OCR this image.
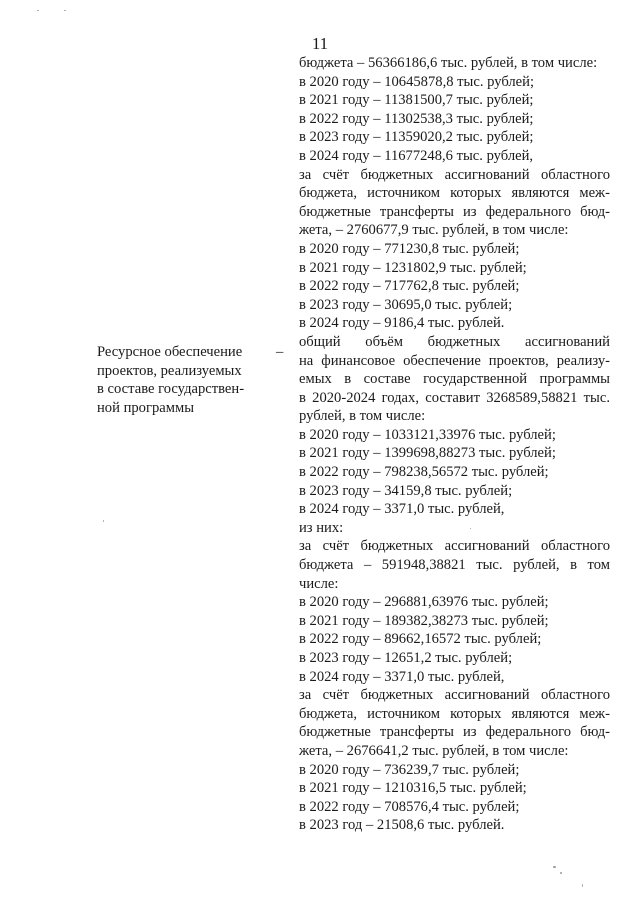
11
бюджета – 56366186,6 тыс. рублей, в том числе:
в 2020 году – 10645878,8 тыс. рублей;
в 2021 году – 11381500,7 тыс. рублей;
в 2022 году – 11302538,3 тыс. рублей;
в 2023 году – 11359020,2 тыс. рублей;
в 2024 году – 11677248,6 тыс. рублей,
за счёт бюджетных ассигнований областного
бюджета, источником которых являются меж-
бюджетные трансферты из федерального бюд-
жета, – 2760677,9 тыс. рублей, в том числе:
в 2020 году – 771230,8 тыс. рублей;
в 2021 году – 1231802,9 тыс. рублей;
в 2022 году – 717762,8 тыс. рублей;
в 2023 году – 30695,0 тыс. рублей;
в 2024 году – 9186,4 тыс. рублей.
общий объём бюджетных ассигнований
на финансовое обеспечение проектов, реализу-
емых в составе государственной программы
в 2020-2024 годах, составит 3268589,58821 тыс.
рублей, в том числе:
в 2020 году – 1033121,33976 тыс. рублей;
в 2021 году – 1399698,88273 тыс. рублей;
в 2022 году – 798238,56572 тыс. рублей;
в 2023 году – 34159,8 тыс. рублей;
в 2024 году – 3371,0 тыс. рублей,
из них:
за счёт бюджетных ассигнований областного
бюджета – 591948,38821 тыс. рублей, в том
числе:
в 2020 году – 296881,63976 тыс. рублей;
в 2021 году – 189382,38273 тыс. рублей;
в 2022 году – 89662,16572 тыс. рублей;
в 2023 году – 12651,2 тыс. рублей;
в 2024 году – 3371,0 тыс. рублей,
за счёт бюджетных ассигнований областного
бюджета, источником которых являются меж-
бюджетные трансферты из федерального бюд-
жета, – 2676641,2 тыс. рублей, в том числе:
в 2020 году – 736239,7 тыс. рублей;
в 2021 году – 1210316,5 тыс. рублей;
в 2022 году – 708576,4 тыс. рублей;
в 2023 год – 21508,6 тыс. рублей.
Ресурсное обеспечение
проектов, реализуемых
в составе государствен-
ной программы
–
